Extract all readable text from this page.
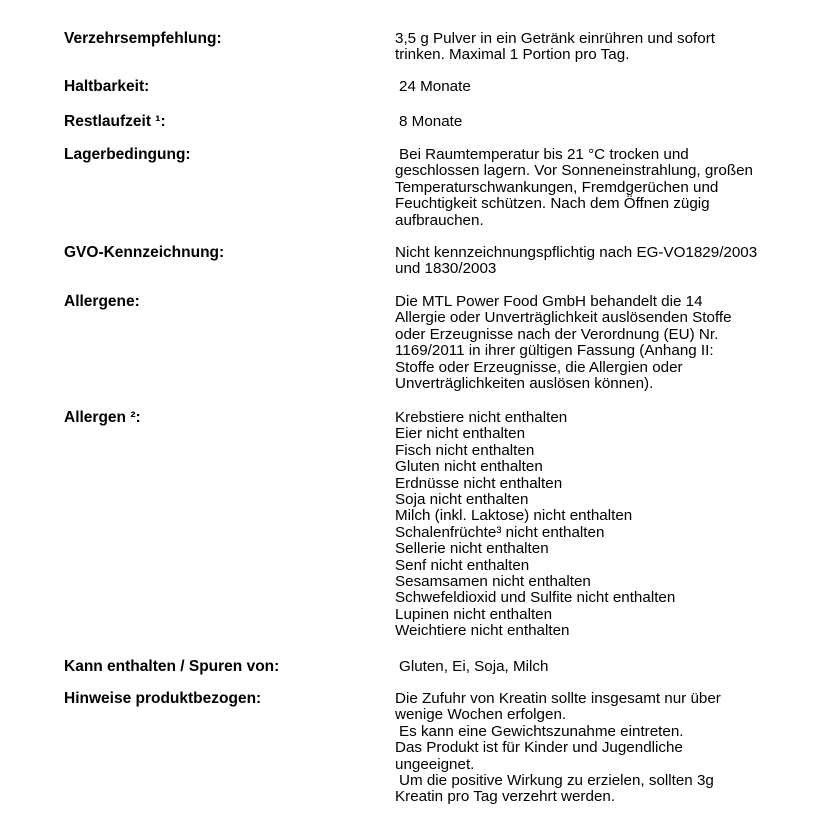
Verzehrsempfehlung:	3,5 g Pulver in ein Getränk einrühren und sofort
trinken. Maximal 1 Portion pro Tag.
Haltbarkeit:	24 Monate
Restlaufzeit ¹:	8 Monate
Lagerbedingung:	Bei Raumtemperatur bis 21 °C trocken und
geschlossen lagern. Vor Sonneneinstrahlung, großen
Temperaturschwankungen, Fremdgerüchen und
Feuchtigkeit schützen. Nach dem Öffnen zügig
aufbrauchen.
GVO-Kennzeichnung:	Nicht kennzeichnungspflichtig nach EG-VO1829/2003
und 1830/2003
Allergene:	Die MTL Power Food GmbH behandelt die 14
Allergie oder Unverträglichkeit auslösenden Stoffe
oder Erzeugnisse nach der Verordnung (EU) Nr.
1169/2011 in ihrer gültigen Fassung (Anhang II:
Stoffe oder Erzeugnisse, die Allergien oder
Unverträglichkeiten auslösen können).
Allergen ²:	Krebstiere nicht enthalten
Eier nicht enthalten
Fisch nicht enthalten
Gluten nicht enthalten
Erdnüsse nicht enthalten
Soja nicht enthalten
Milch (inkl. Laktose) nicht enthalten
Schalenfrüchte³ nicht enthalten
Sellerie nicht enthalten
Senf nicht enthalten
Sesamsamen nicht enthalten
Schwefeldioxid und Sulfite nicht enthalten
Lupinen nicht enthalten
Weichtiere nicht enthalten
Kann enthalten / Spuren von:	Gluten, Ei, Soja, Milch
Hinweise produktbezogen:	Die Zufuhr von Kreatin sollte insgesamt nur über
wenige Wochen erfolgen.
Es kann eine Gewichtszunahme eintreten.
Das Produkt ist für Kinder und Jugendliche
ungeeignet.
Um die positive Wirkung zu erzielen, sollten 3g
Kreatin pro Tag verzehrt werden.
